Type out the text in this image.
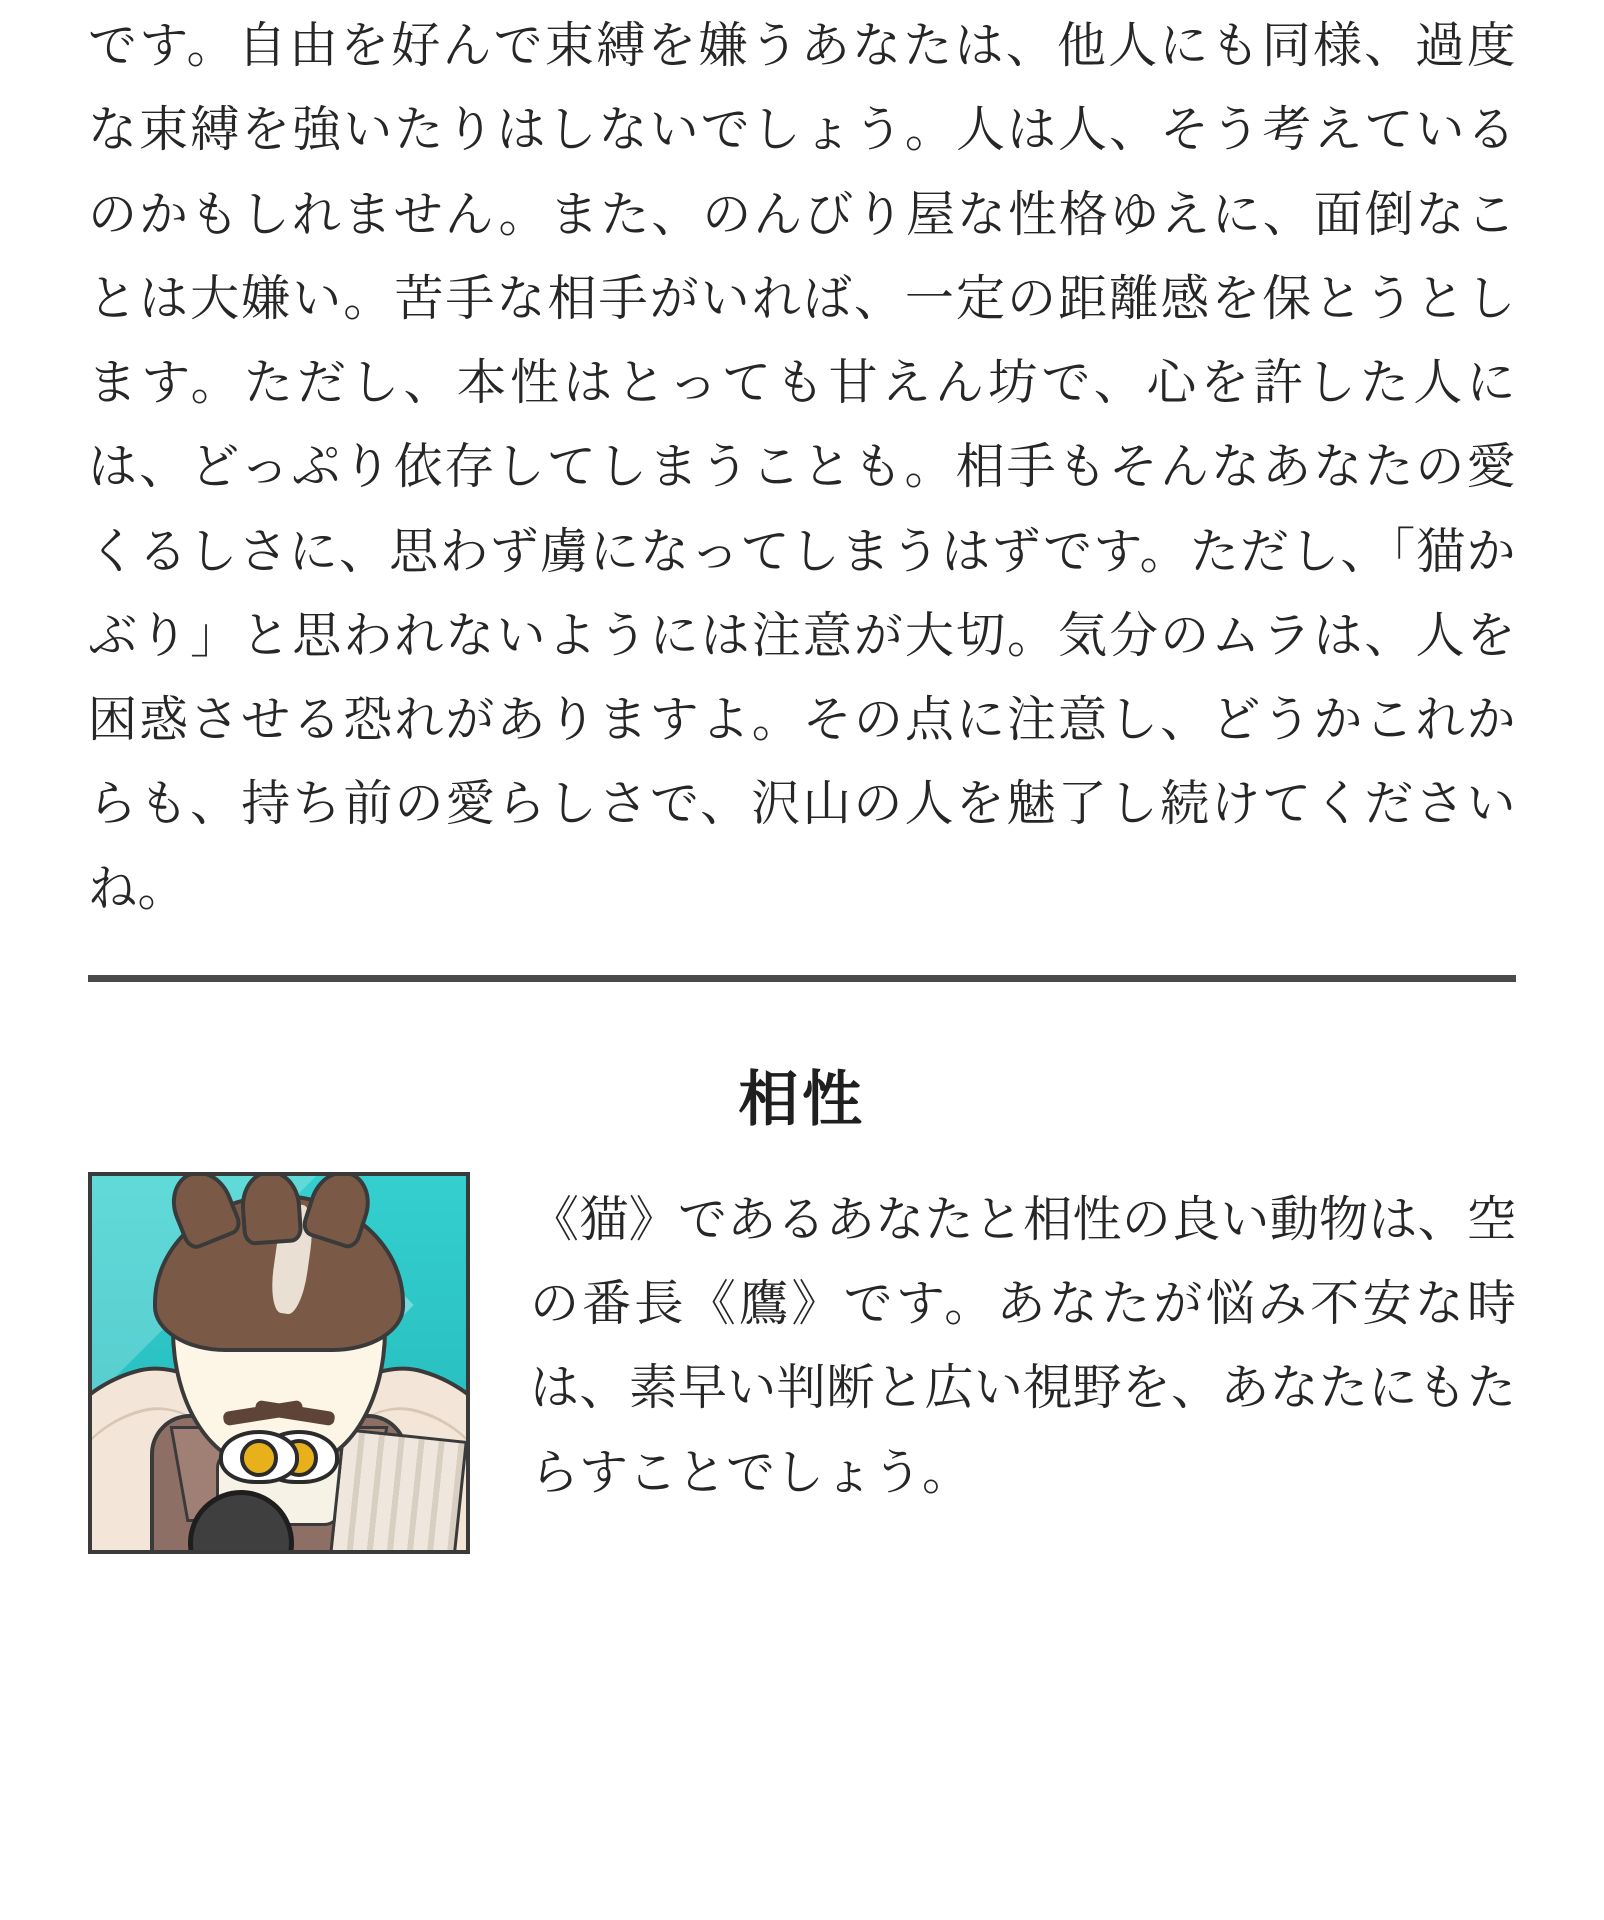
です。自由を好んで束縛を嫌うあなたは、他人にも同様、過度な束縛を強いたりはしないでしょう。人は人、そう考えているのかもしれません。また、のんびり屋な性格ゆえに、面倒なことは大嫌い。苦手な相手がいれば、一定の距離感を保とうとします。ただし、本性はとっても甘えん坊で、心を許した人には、どっぷり依存してしまうことも。相手もそんなあなたの愛くるしさに、思わず虜になってしまうはずです。ただし、「猫かぶり」と思われないようには注意が大切。気分のムラは、人を困惑させる恐れがありますよ。その点に注意し、どうかこれからも、持ち前の愛らしさで、沢山の人を魅了し続けてくださいね。

相性

《猫》であるあなたと相性の良い動物は、空の番長《鷹》です。あなたが悩み不安な時は、素早い判断と広い視野を、あなたにもたらすことでしょう。
